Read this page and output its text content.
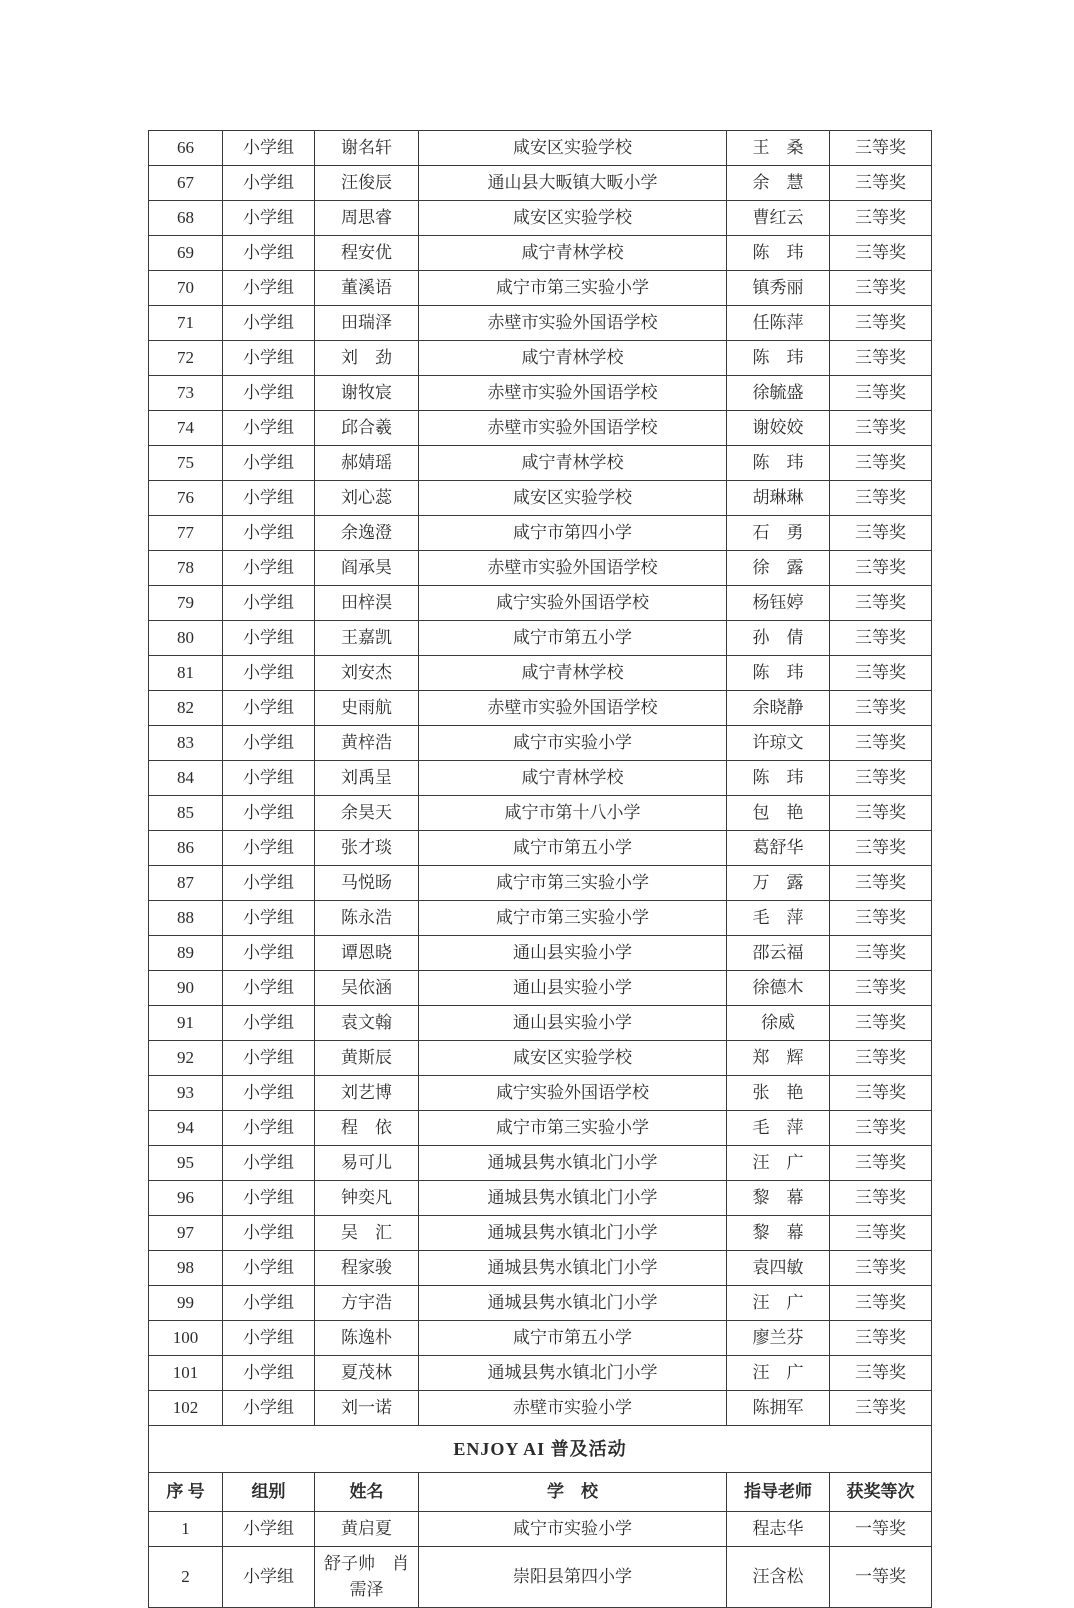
66	小学组	谢名轩	咸安区实验学校	王　桑	三等奖
67	小学组	汪俊辰	通山县大畈镇大畈小学	余　慧	三等奖
68	小学组	周思睿	咸安区实验学校	曹红云	三等奖
69	小学组	程安优	咸宁青林学校	陈　玮	三等奖
70	小学组	董溪语	咸宁市第三实验小学	镇秀丽	三等奖
71	小学组	田瑞泽	赤壁市实验外国语学校	任陈萍	三等奖
72	小学组	刘　劲	咸宁青林学校	陈　玮	三等奖
73	小学组	谢牧宸	赤壁市实验外国语学校	徐毓盛	三等奖
74	小学组	邱合羲	赤壁市实验外国语学校	谢姣姣	三等奖
75	小学组	郝婧瑶	咸宁青林学校	陈　玮	三等奖
76	小学组	刘心蕊	咸安区实验学校	胡琳琳	三等奖
77	小学组	余逸澄	咸宁市第四小学	石　勇	三等奖
78	小学组	阎承昊	赤壁市实验外国语学校	徐　露	三等奖
79	小学组	田梓淏	咸宁实验外国语学校	杨钰婷	三等奖
80	小学组	王嘉凯	咸宁市第五小学	孙　倩	三等奖
81	小学组	刘安杰	咸宁青林学校	陈　玮	三等奖
82	小学组	史雨航	赤壁市实验外国语学校	余晓静	三等奖
83	小学组	黄梓浩	咸宁市实验小学	许琼文	三等奖
84	小学组	刘禹呈	咸宁青林学校	陈　玮	三等奖
85	小学组	余昊天	咸宁市第十八小学	包　艳	三等奖
86	小学组	张才琰	咸宁市第五小学	葛舒华	三等奖
87	小学组	马悦旸	咸宁市第三实验小学	万　露	三等奖
88	小学组	陈永浩	咸宁市第三实验小学	毛　萍	三等奖
89	小学组	谭恩晓	通山县实验小学	邵云福	三等奖
90	小学组	吴依涵	通山县实验小学	徐德木	三等奖
91	小学组	袁文翰	通山县实验小学	徐威	三等奖
92	小学组	黄斯辰	咸安区实验学校	郑　辉	三等奖
93	小学组	刘艺博	咸宁实验外国语学校	张　艳	三等奖
94	小学组	程　依	咸宁市第三实验小学	毛　萍	三等奖
95	小学组	易可儿	通城县隽水镇北门小学	汪　广	三等奖
96	小学组	钟奕凡	通城县隽水镇北门小学	黎　幕	三等奖
97	小学组	吴　汇	通城县隽水镇北门小学	黎　幕	三等奖
98	小学组	程家骏	通城县隽水镇北门小学	袁四敏	三等奖
99	小学组	方宇浩	通城县隽水镇北门小学	汪　广	三等奖
100	小学组	陈逸朴	咸宁市第五小学	廖兰芬	三等奖
101	小学组	夏茂林	通城县隽水镇北门小学	汪　广	三等奖
102	小学组	刘一诺	赤壁市实验小学	陈拥军	三等奖
ENJOY AI 普及活动					
序 号	组别	姓名	学　校	指导老师	获奖等次
1	小学组	黄启夏	咸宁市实验小学	程志华	一等奖
2	小学组	舒子帅　肖需泽	崇阳县第四小学	汪含松	一等奖
